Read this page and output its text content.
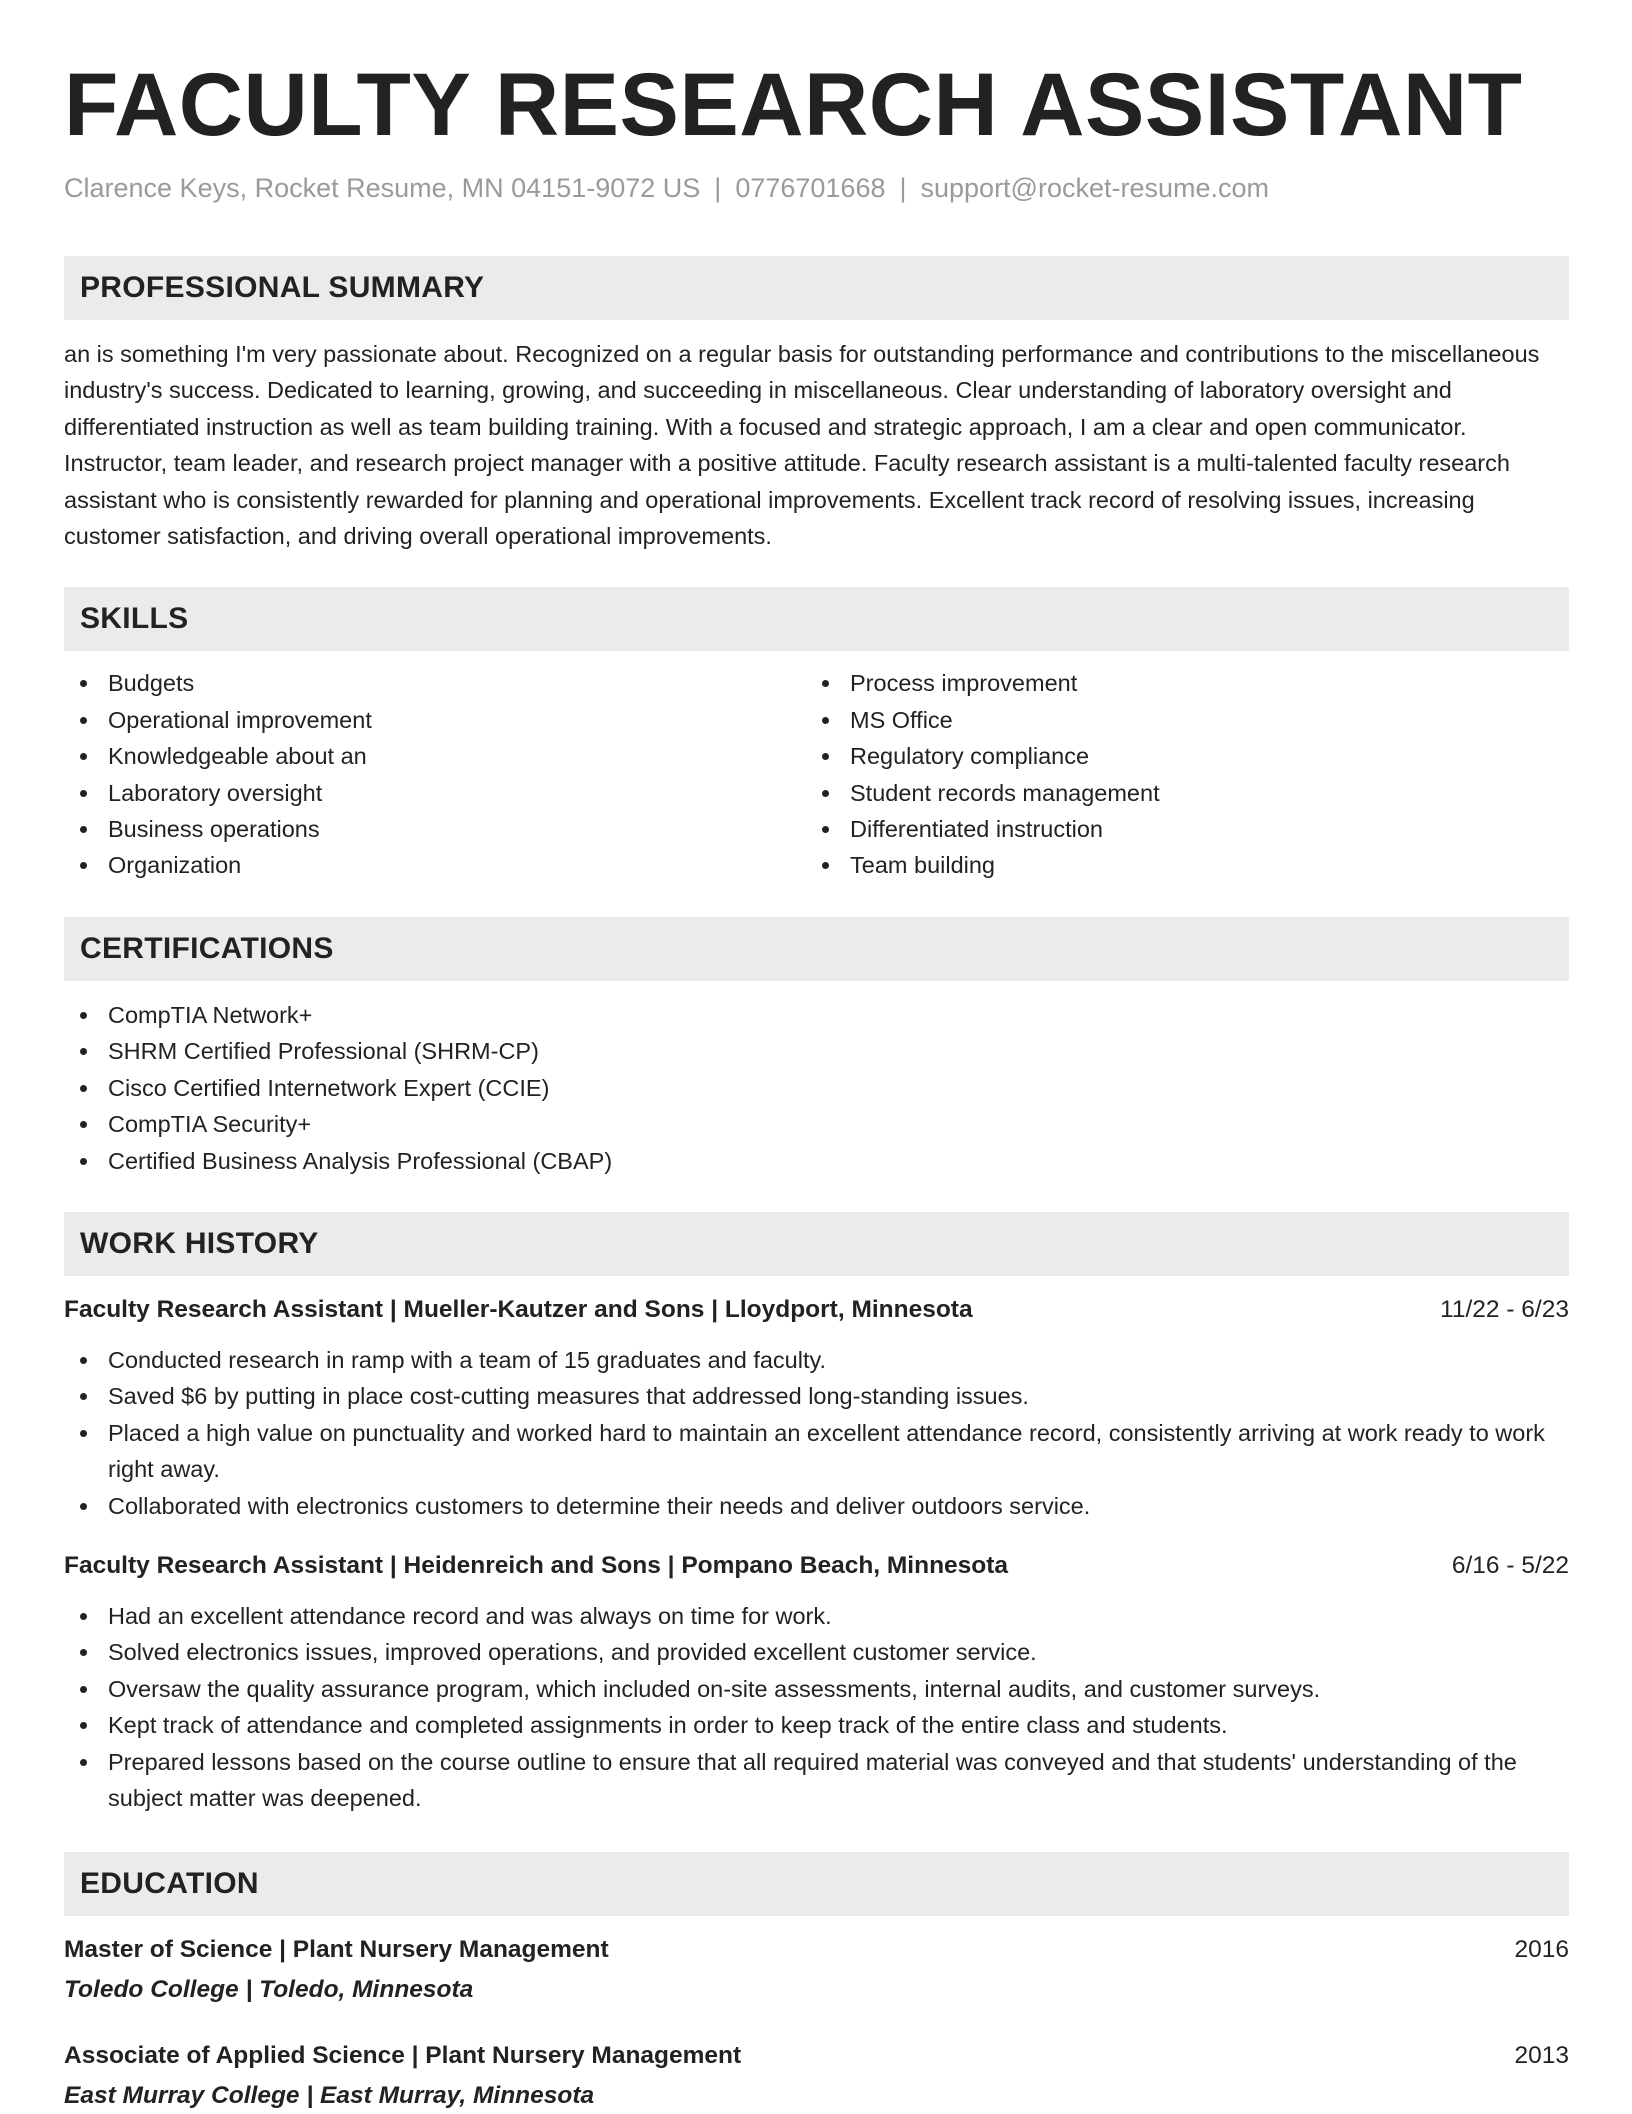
FACULTY RESEARCH ASSISTANT
Clarence Keys, Rocket Resume, MN 04151-9072 US | 0776701668 | support@rocket-resume.com
PROFESSIONAL SUMMARY

an is something I'm very passionate about. Recognized on a regular basis for outstanding performance and contributions to the miscellaneous industry's success. Dedicated to learning, growing, and succeeding in miscellaneous. Clear understanding of laboratory oversight and differentiated instruction as well as team building training. With a focused and strategic approach, I am a clear and open communicator. Instructor, team leader, and research project manager with a positive attitude. Faculty research assistant is a multi-talented faculty research assistant who is consistently rewarded for planning and operational improvements. Excellent track record of resolving issues, increasing customer satisfaction, and driving overall operational improvements.

SKILLS
Budgets
Operational improvement
Knowledgeable about an
Laboratory oversight
Business operations
Organization
Process improvement
MS Office
Regulatory compliance
Student records management
Differentiated instruction
Team building
CERTIFICATIONS
CompTIA Network+
SHRM Certified Professional (SHRM-CP)
Cisco Certified Internetwork Expert (CCIE)
CompTIA Security+
Certified Business Analysis Professional (CBAP)
WORK HISTORY
Faculty Research Assistant | Mueller-Kautzer and Sons | Lloydport, Minnesota	11/22 - 6/23
Conducted research in ramp with a team of 15 graduates and faculty.
Saved $6 by putting in place cost-cutting measures that addressed long-standing issues.
Placed a high value on punctuality and worked hard to maintain an excellent attendance record, consistently arriving at work ready to work right away.
Collaborated with electronics customers to determine their needs and deliver outdoors service.
Faculty Research Assistant | Heidenreich and Sons | Pompano Beach, Minnesota	6/16 - 5/22
Had an excellent attendance record and was always on time for work.
Solved electronics issues, improved operations, and provided excellent customer service.
Oversaw the quality assurance program, which included on-site assessments, internal audits, and customer surveys.
Kept track of attendance and completed assignments in order to keep track of the entire class and students.
Prepared lessons based on the course outline to ensure that all required material was conveyed and that students' understanding of the subject matter was deepened.
EDUCATION
Master of Science | Plant Nursery Management	2016
Toledo College | Toledo, Minnesota
Associate of Applied Science | Plant Nursery Management	2013
East Murray College | East Murray, Minnesota
